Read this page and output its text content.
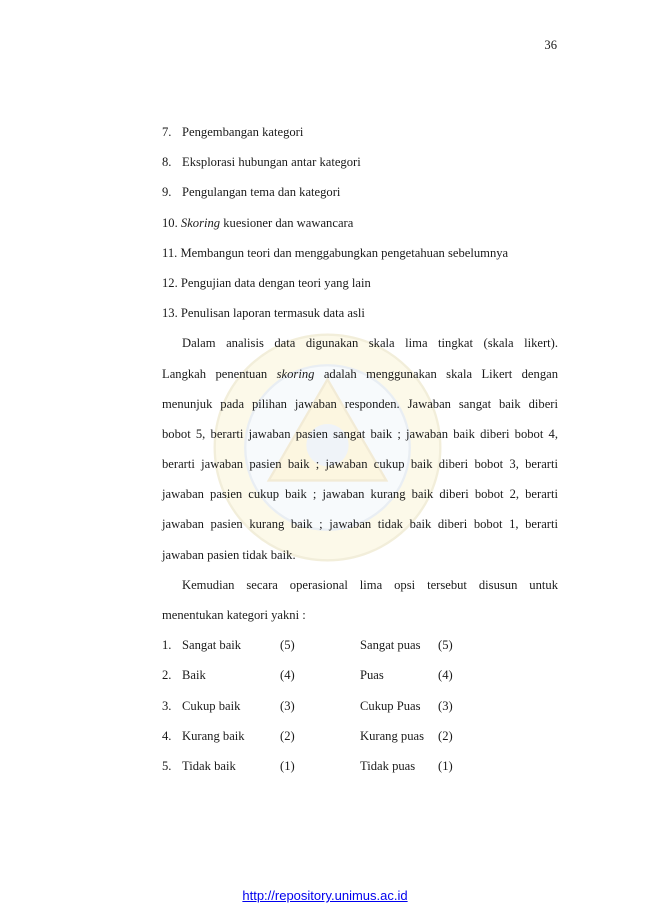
36
7. Pengembangan kategori
8. Eksplorasi hubungan antar kategori
9. Pengulangan tema dan kategori
10. Skoring kuesioner dan wawancara
11. Membangun teori dan menggabungkan pengetahuan sebelumnya
12. Pengujian data dengan teori yang lain
13. Penulisan laporan termasuk data asli
Dalam analisis data digunakan skala lima tingkat (skala likert).
Langkah penentuan skoring adalah menggunakan skala Likert dengan
menunjuk pada pilihan jawaban responden. Jawaban sangat baik diberi
bobot 5, berarti jawaban pasien sangat baik ; jawaban baik diberi bobot 4,
berarti jawaban pasien baik ; jawaban cukup baik diberi bobot 3, berarti
jawaban pasien cukup baik ; jawaban kurang baik diberi bobot 2, berarti
jawaban pasien kurang baik ; jawaban tidak baik diberi bobot 1, berarti
jawaban pasien tidak baik.
Kemudian secara operasional lima opsi tersebut disusun untuk
menentukan kategori yakni :
1. Sangat baik	(5)	Sangat puas	(5)
2. Baik	(4)	Puas	(4)
3. Cukup baik	(3)	Cukup Puas	(3)
4. Kurang baik	(2)	Kurang puas	(2)
5. Tidak baik	(1)	Tidak puas	(1)
http://repository.unimus.ac.id
